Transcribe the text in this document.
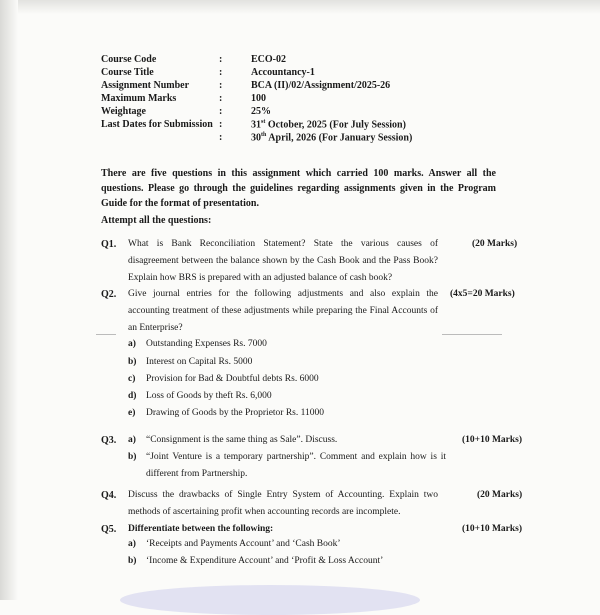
Course Code	:	ECO-02
Course Title	:	Accountancy-1
Assignment Number	:	BCA (II)/02/Assignment/2025-26
Maximum Marks	:	100
Weightage	:	25%
Last Dates for Submission :	31st October, 2025 (For July Session)
:	30th April, 2026 (For January Session)
There are five questions in this assignment which carried 100 marks. Answer all the questions. Please go through the guidelines regarding assignments given in the Program Guide for the format of presentation.
Attempt all the questions:
Q1. What is Bank Reconciliation Statement? State the various causes of disagreement between the balance shown by the Cash Book and the Pass Book? Explain how BRS is prepared with an adjusted balance of cash book?
(20 Marks)
Q2. Give journal entries for the following adjustments and also explain the accounting treatment of these adjustments while preparing the Final Accounts of an Enterprise?
(4x5=20 Marks)
a) Outstanding Expenses Rs. 7000
b) Interest on Capital Rs. 5000
c) Provision for Bad & Doubtful debts Rs. 6000
d) Loss of Goods by theft Rs. 6,000
e) Drawing of Goods by the Proprietor Rs. 11000
Q3.	(10+10 Marks)
a) “Consignment is the same thing as Sale”. Discuss.
b) “Joint Venture is a temporary partnership”. Comment and explain how is it different from Partnership.
Q4. Discuss the drawbacks of Single Entry System of Accounting. Explain two methods of ascertaining profit when accounting records are incomplete.
(20 Marks)
Q5. Differentiate between the following:	(10+10 Marks)
a) ‘Receipts and Payments Account’ and ‘Cash Book’
b) ‘Income & Expenditure Account’ and ‘Profit & Loss Account’
